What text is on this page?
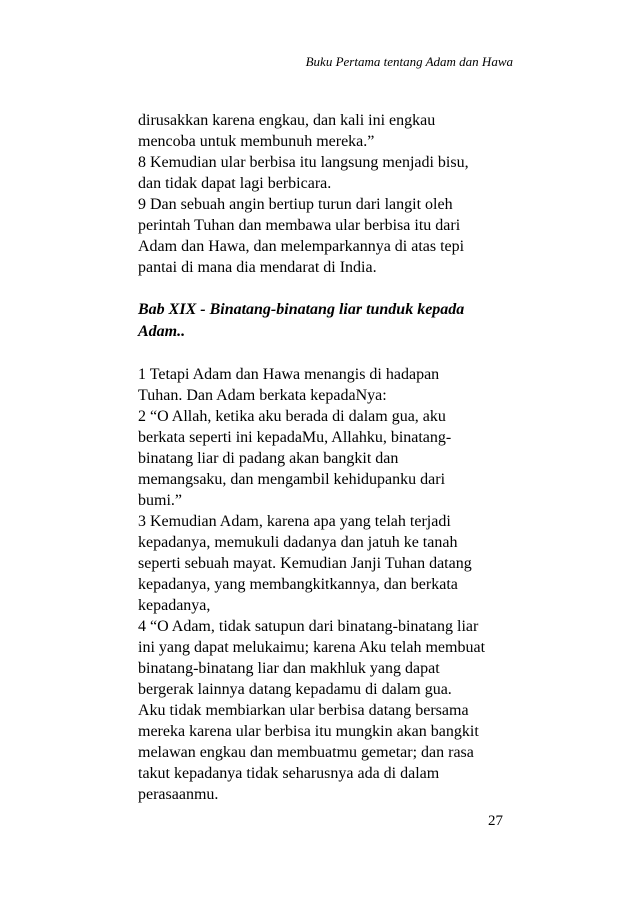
Buku Pertama tentang Adam dan Hawa

dirusakkan karena engkau, dan kali ini engkau
mencoba untuk membunuh mereka.”
8 Kemudian ular berbisa itu langsung menjadi bisu,
dan tidak dapat lagi berbicara.
9 Dan sebuah angin bertiup turun dari langit oleh
perintah Tuhan dan membawa ular berbisa itu dari
Adam dan Hawa, dan melemparkannya di atas tepi
pantai di mana dia mendarat di India.

Bab XIX - Binatang-binatang liar tunduk kepada
Adam..

1 Tetapi Adam dan Hawa menangis di hadapan
Tuhan. Dan Adam berkata kepadaNya:
2 “O Allah, ketika aku berada di dalam gua, aku
berkata seperti ini kepadaMu, Allahku, binatang-
binatang liar di padang akan bangkit dan
memangsaku, dan mengambil kehidupanku dari
bumi.”
3 Kemudian Adam, karena apa yang telah terjadi
kepadanya, memukuli dadanya dan jatuh ke tanah
seperti sebuah mayat. Kemudian Janji Tuhan datang
kepadanya, yang membangkitkannya, dan berkata
kepadanya,
4 “O Adam, tidak satupun dari binatang-binatang liar
ini yang dapat melukaimu; karena Aku telah membuat
binatang-binatang liar dan makhluk yang dapat
bergerak lainnya datang kepadamu di dalam gua.
Aku tidak membiarkan ular berbisa datang bersama
mereka karena ular berbisa itu mungkin akan bangkit
melawan engkau dan membuatmu gemetar; dan rasa
takut kepadanya tidak seharusnya ada di dalam
perasaanmu.

27
